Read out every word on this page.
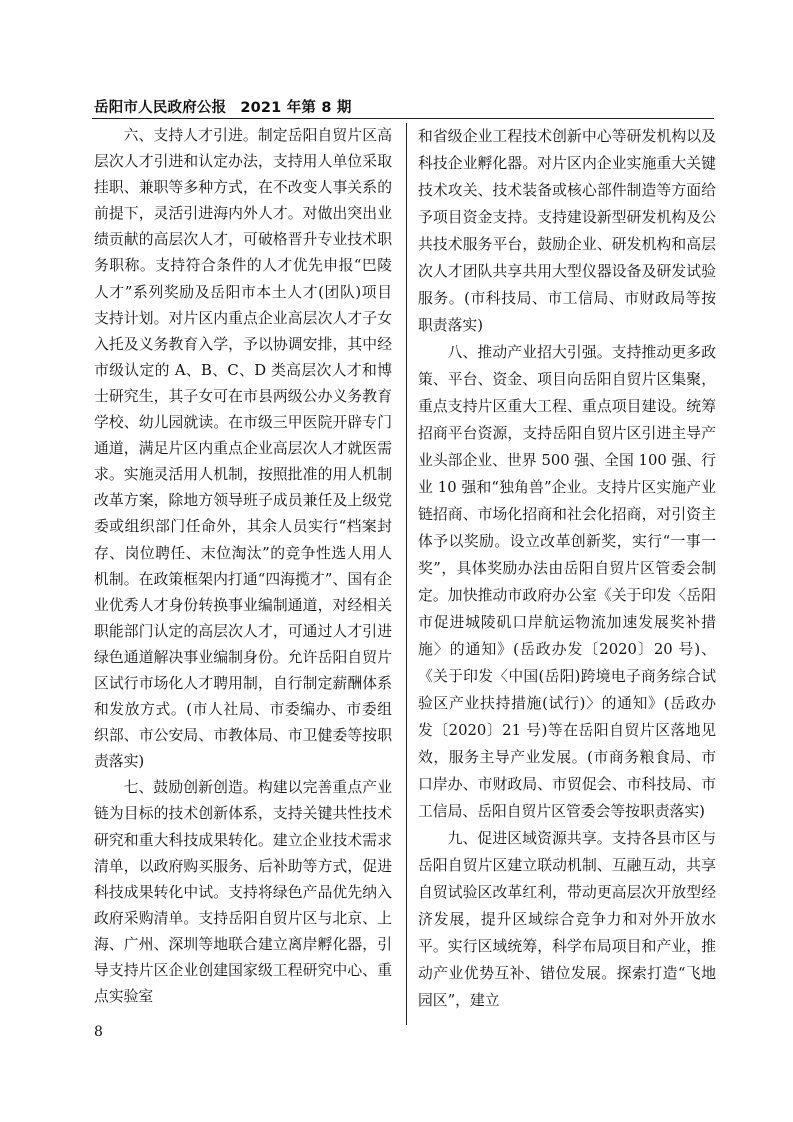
岳阳市人民政府公报 2021 年第 8 期

六、支持人才引进。制定岳阳自贸片区高层次人才引进和认定办法，支持用人单位采取挂职、兼职等多种方式，在不改变人事关系的前提下，灵活引进海内外人才。对做出突出业绩贡献的高层次人才，可破格晋升专业技术职务职称。支持符合条件的人才优先申报“巴陵人才”系列奖励及岳阳市本土人才(团队)项目支持计划。对片区内重点企业高层次人才子女入托及义务教育入学，予以协调安排，其中经市级认定的 A、B、C、D 类高层次人才和博士研究生，其子女可在市县两级公办义务教育学校、幼儿园就读。在市级三甲医院开辟专门通道，满足片区内重点企业高层次人才就医需求。实施灵活用人机制，按照批准的用人机制改革方案，除地方领导班子成员兼任及上级党委或组织部门任命外，其余人员实行“档案封存、岗位聘任、末位淘汰”的竞争性选人用人机制。在政策框架内打通“四海揽才”、国有企业优秀人才身份转换事业编制通道，对经相关职能部门认定的高层次人才，可通过人才引进绿色通道解决事业编制身份。允许岳阳自贸片区试行市场化人才聘用制，自行制定薪酬体系和发放方式。(市人社局、市委编办、市委组织部、市公安局、市教体局、市卫健委等按职责落实)

七、鼓励创新创造。构建以完善重点产业链为目标的技术创新体系，支持关键共性技术研究和重大科技成果转化。建立企业技术需求清单，以政府购买服务、后补助等方式，促进科技成果转化中试。支持将绿色产品优先纳入政府采购清单。支持岳阳自贸片区与北京、上海、广州、深圳等地联合建立离岸孵化器，引导支持片区企业创建国家级工程研究中心、重点实验室

和省级企业工程技术创新中心等研发机构以及科技企业孵化器。对片区内企业实施重大关键技术攻关、技术装备或核心部件制造等方面给予项目资金支持。支持建设新型研发机构及公共技术服务平台，鼓励企业、研发机构和高层次人才团队共享共用大型仪器设备及研发试验服务。(市科技局、市工信局、市财政局等按职责落实)

八、推动产业招大引强。支持推动更多政策、平台、资金、项目向岳阳自贸片区集聚，重点支持片区重大工程、重点项目建设。统筹招商平台资源，支持岳阳自贸片区引进主导产业头部企业、世界 500 强、全国 100 强、行业 10 强和“独角兽”企业。支持片区实施产业链招商、市场化招商和社会化招商，对引资主体予以奖励。设立改革创新奖，实行“一事一奖”，具体奖励办法由岳阳自贸片区管委会制定。加快推动市政府办公室《关于印发〈岳阳市促进城陵矶口岸航运物流加速发展奖补措施〉的通知》(岳政办发〔2020〕20 号)、《关于印发〈中国(岳阳)跨境电子商务综合试验区产业扶持措施(试行)〉的通知》(岳政办发〔2020〕21 号)等在岳阳自贸片区落地见效，服务主导产业发展。(市商务粮食局、市口岸办、市财政局、市贸促会、市科技局、市工信局、岳阳自贸片区管委会等按职责落实)

九、促进区域资源共享。支持各县市区与岳阳自贸片区建立联动机制、互融互动，共享自贸试验区改革红利，带动更高层次开放型经济发展，提升区域综合竞争力和对外开放水平。实行区域统筹，科学布局项目和产业，推动产业优势互补、错位发展。探索打造“飞地园区”，建立

8
